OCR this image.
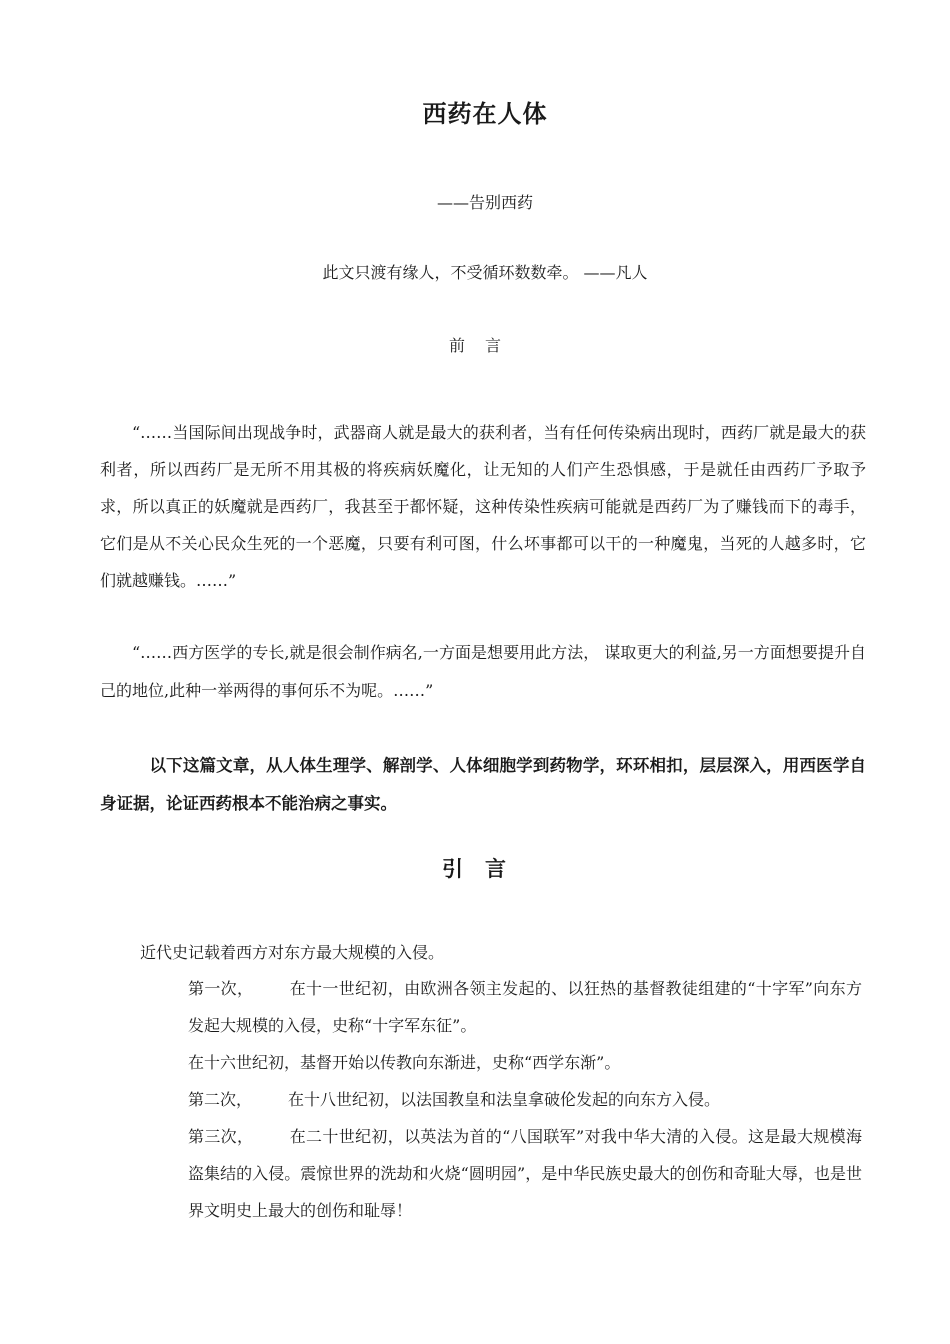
西药在人体
——告别西药
此文只渡有缘人，不受循环数数牵。 ——凡人
前言

“……当国际间出现战争时，武器商人就是最大的获利者，当有任何传染病出现时，西药厂就是最大的获利者，所以西药厂是无所不用其极的将疾病妖魔化，让无知的人们产生恐惧感，于是就任由西药厂予取予求，所以真正的妖魔就是西药厂，我甚至于都怀疑，这种传染性疾病可能就是西药厂为了赚钱而下的毒手，它们是从不关心民众生死的一个恶魔，只要有利可图，什么坏事都可以干的一种魔鬼，当死的人越多时，它们就越赚钱。……”

“……西方医学的专长,就是很会制作病名,一方面是想要用此方法， 谋取更大的利益,另一方面想要提升自己的地位,此种一举两得的事何乐不为呢。……”

以下这篇文章，从人体生理学、解剖学、人体细胞学到药物学，环环相扣，层层深入，用西医学自身证据，论证西药根本不能治病之事实。

引言
近代史记载着西方对东方最大规模的入侵。

第一次， 在十一世纪初，由欧洲各领主发起的、以狂热的基督教徒组建的“十字军”向东方发起大规模的入侵，史称“十字军东征”。

在十六世纪初，基督开始以传教向东渐进，史称“西学东渐”。

第二次， 在十八世纪初，以法国教皇和法皇拿破伦发起的向东方入侵。

第三次， 在二十世纪初，以英法为首的“八国联军”对我中华大清的入侵。这是最大规模海盗集结的入侵。震惊世界的洗劫和火烧“圆明园”，是中华民族史最大的创伤和奇耻大辱，也是世界文明史上最大的创伤和耻辱！
